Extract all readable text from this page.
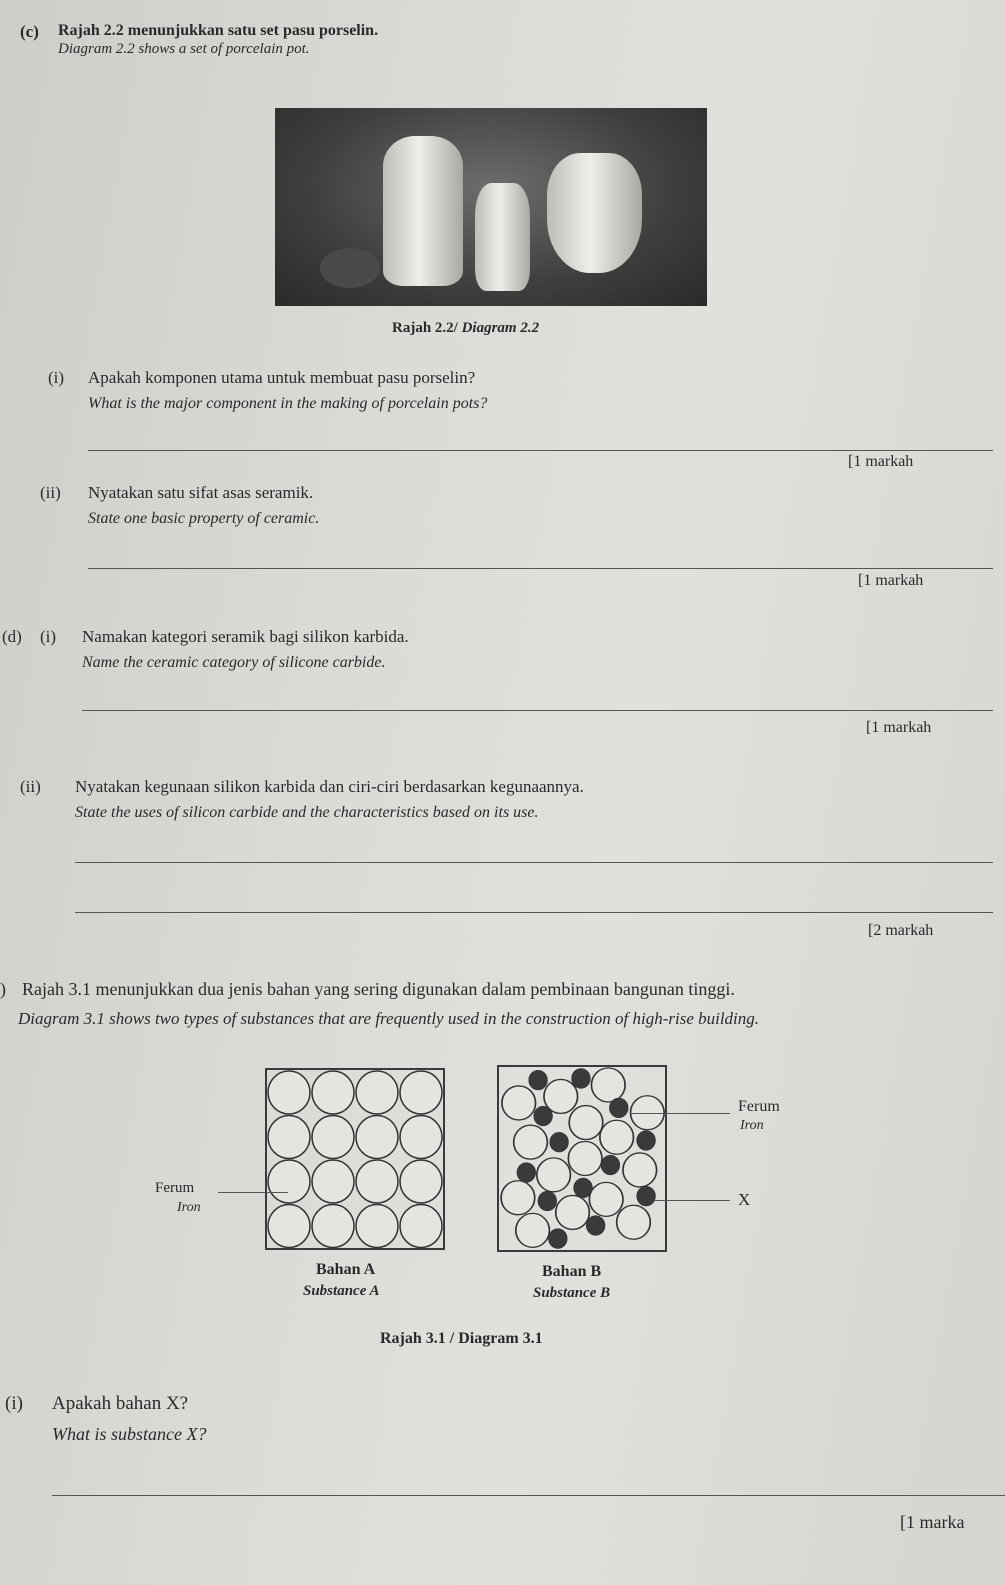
(c) Rajah 2.2 menunjukkan satu set pasu porselin.
Diagram 2.2 shows a set of porcelain pot.
Rajah 2.2/ Diagram 2.2
(i) Apakah komponen utama untuk membuat pasu porselin?
What is the major component in the making of porcelain pots?
[1 markah
(ii) Nyatakan satu sifat asas seramik.
State one basic property of ceramic.
[1 markah
(d) (i) Namakan kategori seramik bagi silikon karbida.
Name the ceramic category of silicone carbide.
[1 markah
(ii) Nyatakan kegunaan silikon karbida dan ciri-ciri berdasarkan kegunaannya.
State the uses of silicon carbide and the characteristics based on its use.
[2 markah
) Rajah 3.1 menunjukkan dua jenis bahan yang sering digunakan dalam pembinaan bangunan tinggi.
Diagram 3.1 shows two types of substances that are frequently used in the construction of high-rise building.
Ferum
Iron
Ferum
Iron
X
Bahan A
Substance A
Bahan B
Substance B
Rajah 3.1 / Diagram 3.1
(i) Apakah bahan X?
What is substance X?
[1 marka
